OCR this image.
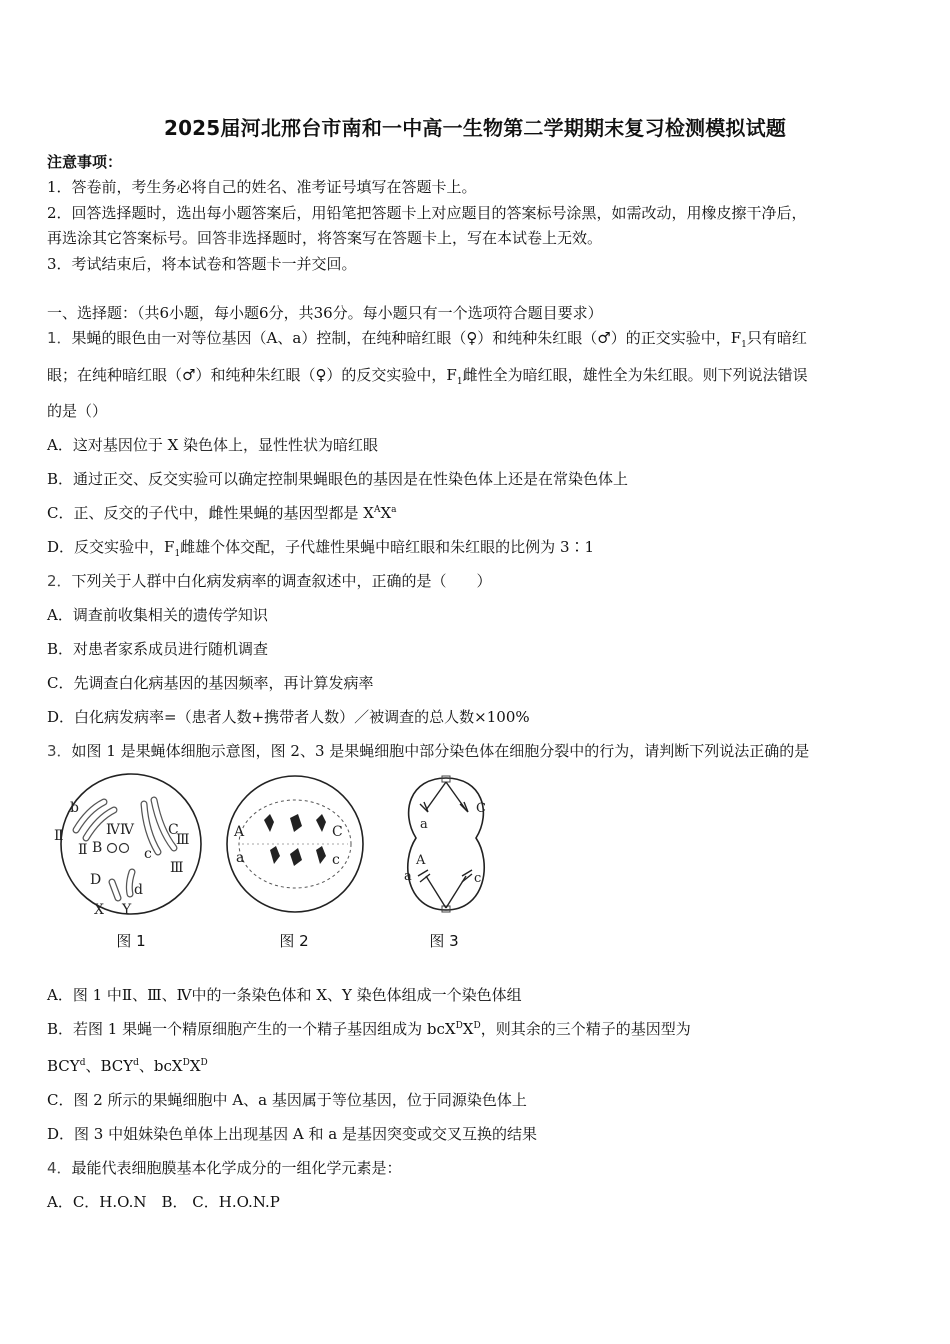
2025届河北邢台市南和一中高一生物第二学期期末复习检测模拟试题
注意事项：
1．答卷前，考生务必将自己的姓名、准考证号填写在答题卡上。
2．回答选择题时，选出每小题答案后，用铅笔把答题卡上对应题目的答案标号涂黑，如需改动，用橡皮擦干净后，
再选涂其它答案标号。回答非选择题时，将答案写在答题卡上，写在本试卷上无效。
3．考试结束后，将本试卷和答题卡一并交回。
一、选择题：（共6小题，每小题6分，共36分。每小题只有一个选项符合题目要求）
1．果蝇的眼色由一对等位基因（A、a）控制，在纯种暗红眼（♀）和纯种朱红眼（♂）的正交实验中，$F_1$只有暗红
眼；在纯种暗红眼（♂）和纯种朱红眼（♀）的反交实验中，$F_1$雌性全为暗红眼，雄性全为朱红眼。则下列说法错误
的是（）
A．这对基因位于 X 染色体上，显性性状为暗红眼
B．通过正交、反交实验可以确定控制果蝇眼色的基因是在性染色体上还是在常染色体上
C．正、反交的子代中，雌性果蝇的基因型都是 $X^AX^a$
D．反交实验中，$F_1$雌雄个体交配，子代雄性果蝇中暗红眼和朱红眼的比例为 3∶1
2．下列关于人群中白化病发病率的调查叙述中，正确的是（　　）
A．调查前收集相关的遗传学知识
B．对患者家系成员进行随机调查
C．先调查白化病基因的基因频率，再计算发病率
D．白化病发病率=（患者人数+携带者人数）／被调查的总人数×100%
3．如图 1 是果蝇体细胞示意图，图 2、3 是果蝇细胞中部分染色体在细胞分裂中的行为，请判断下列说法正确的是
b
Ⅱ	Ⅳ Ⅳ C
Ⅱ B	c
Ⅲ
Ⅲ
D
d
X Y
图 1
A
a
C
c
图 2
a
C
A
a	c
图 3
A．图 1 中Ⅱ、Ⅲ、Ⅳ中的一条染色体和 X、Y 染色体组成一个染色体组
B．若图 1 果蝇一个精原细胞产生的一个精子基因组成为 $bcX^DX^D$，则其余的三个精子的基因型为
BCY$^d$、BCY$^d$、$bcX^DX^D$
C．图 2 所示的果蝇细胞中 A、a 基因属于等位基因，位于同源染色体上
D．图 3 中姐妹染色单体上出现基因 A 和 a 是基因突变或交叉互换的结果
4．最能代表细胞膜基本化学成分的一组化学元素是：
A．C．H.O.N　B． C．H.O.N.P
